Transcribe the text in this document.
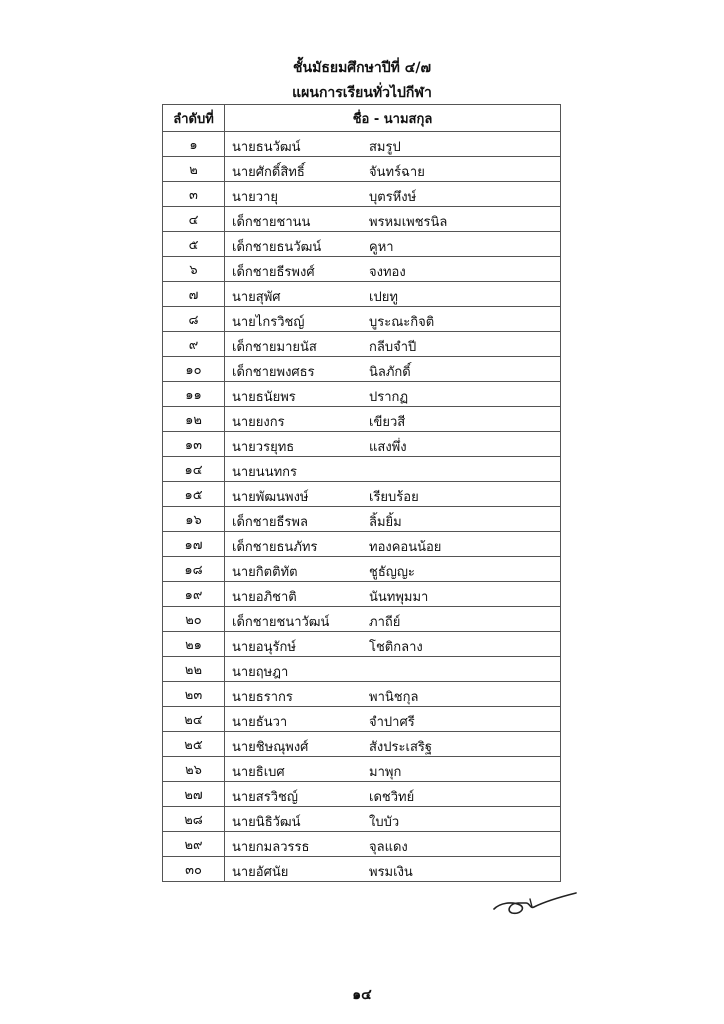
ชั้นมัธยมศึกษาปีที่ ๔/๗
แผนการเรียนทั่วไปกีฬา
ลำดับที่	ชื่อ - นามสกุล
๑	นายธนวัฒน์ สมรูป

๒	นายศักดิ์สิทธิ์ จันทร์ฉาย

๓	นายวายุ บุตรหึงษ์

๔	เด็กชายชานน พรหมเพชรนิล

๕	เด็กชายธนวัฒน์ คูหา

๖	เด็กชายธีรพงศ์ จงทอง

๗	นายสุพัศ เปยทู

๘	นายไกรวิชญ์ บูระณะกิจติ

๙	เด็กชายมายนัส กลีบจำปี

๑๐	เด็กชายพงศธร นิลภักดิ์

๑๑	นายธนัยพร ปรากฏ

๑๒	นายยงกร เขียวสี

๑๓	นายวรยุทธ แสงพึ่ง

๑๔	นายนนทกร

๑๕	นายพัฒนพงษ์ เรียบร้อย

๑๖	เด็กชายธีรพล ลิ้มยิ้ม

๑๗	เด็กชายธนภัทร ทองคอนน้อย

๑๘	นายกิตติทัต ชูธัญญะ

๑๙	นายอภิชาติ นันทพุมมา

๒๐	เด็กชายชนาวัฒน์ ภาถีย์

๒๑	นายอนุรักษ์ โชติกลาง

๒๒	นายฤษฎา

๒๓	นายธรากร พานิชกุล

๒๔	นายธันวา จำปาศรี

๒๕	นายชิษณุพงศ์ สังประเสริฐ

๒๖	นายธิเบศ มาพุก

๒๗	นายสรวิชญ์ เดชวิทย์

๒๘	นายนิธิวัฒน์ ใบบัว

๒๙	นายกมลวรรธ จุลแดง

๓๐	นายอัศนัย พรมเงิน
๑๔
